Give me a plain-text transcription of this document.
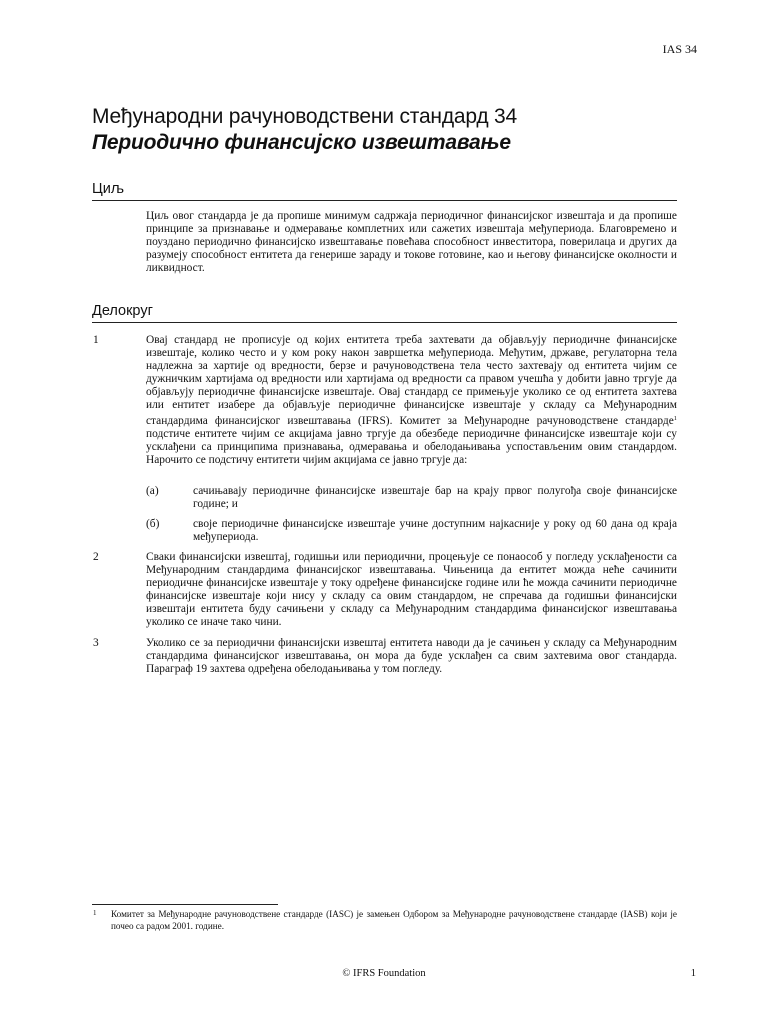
IAS 34
Међународни рачуноводствени стандард 34
Периодично финансијско извештавање
Циљ

Циљ овог стандарда је да пропише минимум садржаја периодичног финансијског извештаја и да пропише принципе за признавање и одмеравање комплетних или сажетих извештаја међупериода. Благовремено и поуздано периодично финансијско извештавање повећава способност инвеститора, поверилаца и других да разумеју способност ентитета да генерише зараду и токове готовине, као и његову финансијске околности и ликвидност.

Делокруг
1	Овај стандард не прописује од којих ентитета треба захтевати да објављују периодичне финансијске извештаје, колико често и у ком року након завршетка међупериода. Међутим, државе, регулаторна тела надлежна за хартије од вредности, берзе и рачуноводствена тела често захтевају од ентитета чијим се дужничким хартијама од вредности или хартијама од вредности са правом учешћа у добити јавно тргује да објављују периодичне финансијске извештаје. Овај стандард се примењује уколико се од ентитета захтева или ентитет изабере да објављује периодичне финансијске извештаје у складу са Међународним стандардима финансијског извештавања (IFRS). Комитет за Међународне рачуноводствене стандарде$^1$ подстиче ентитете чијим се акцијама јавно тргује да обезбеде периодичне финансијске извештаје који су усклађени са принципима признавања, одмеравања и обелодањивања успостављеним овим стандардом. Нарочито се подстичу ентитети чијим акцијама се јавно тргује да:

(а)	сачињавају периодичне финансијске извештаје бар на крају првог полугођа своје финансијске године; и

(б)	своје периодичне финансијске извештаје учине доступним најкасније у року од 60 дана од краја међупериода.

2	Сваки финансијски извештај, годишњи или периодични, процењује се понаособ у погледу усклађености са Међународним стандардима финансијског извештавања. Чињеница да ентитет можда неће сачинити периодичне финансијске извештаје у току одређене финансијске године или ће можда сачинити периодичне финансијске извештаје који нису у складу са овим стандардом, не спречава да годишњи финансијски извештаји ентитета буду сачињени у складу са Међународним стандардима финансијског извештавања уколико се иначе тако чини.

3	Уколико се за периодични финансијски извештај ентитета наводи да је сачињен у складу са Међународним стандардима финансијског извештавања, он мора да буде усклађен са свим захтевима овог стандарда. Параграф 19 захтева одређена обелодањивања у том погледу.

1 Комитет за Међународне рачуноводствене стандарде (IASC) је замењен Одбором за Међународне рачуноводствене стандарде (IASB) који је почео са радом 2001. године.

© IFRS Foundation	1
